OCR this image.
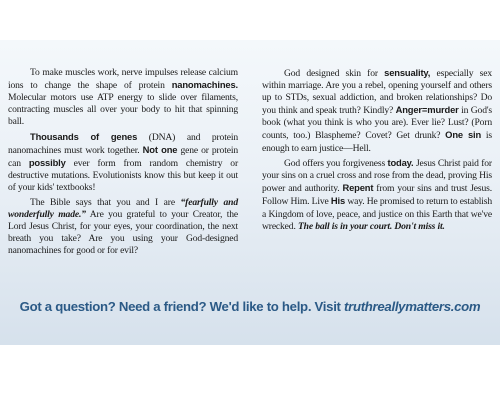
To make muscles work, nerve impulses release calcium ions to change the shape of protein nanomachines. Molecular motors use ATP energy to slide over filaments, contracting muscles all over your body to hit that spinning ball.

Thousands of genes (DNA) and protein nanomachines must work together. Not one gene or protein can possibly ever form from random chemistry or destructive mutations. Evolutionists know this but keep it out of your kids' textbooks!

The Bible says that you and I are “fearfully and wonderfully made.” Are you grateful to your Creator, the Lord Jesus Christ, for your eyes, your coordination, the next breath you take? Are you using your God-designed nanomachines for good or for evil?

God designed skin for sensuality, especially sex within marriage. Are you a rebel, opening yourself and others up to STDs, sexual addiction, and broken relationships? Do you think and speak truth? Kindly? Anger=murder in God's book (what you think is who you are). Ever lie? Lust? (Porn counts, too.) Blaspheme? Covet? Get drunk? One sin is enough to earn justice—Hell.

God offers you forgiveness today. Jesus Christ paid for your sins on a cruel cross and rose from the dead, proving His power and authority. Repent from your sins and trust Jesus. Follow Him. Live His way. He promised to return to establish a Kingdom of love, peace, and justice on this Earth that we've wrecked. The ball is in your court. Don't miss it.

Got a question? Need a friend? We'd like to help. Visit truthreallymatters.com
